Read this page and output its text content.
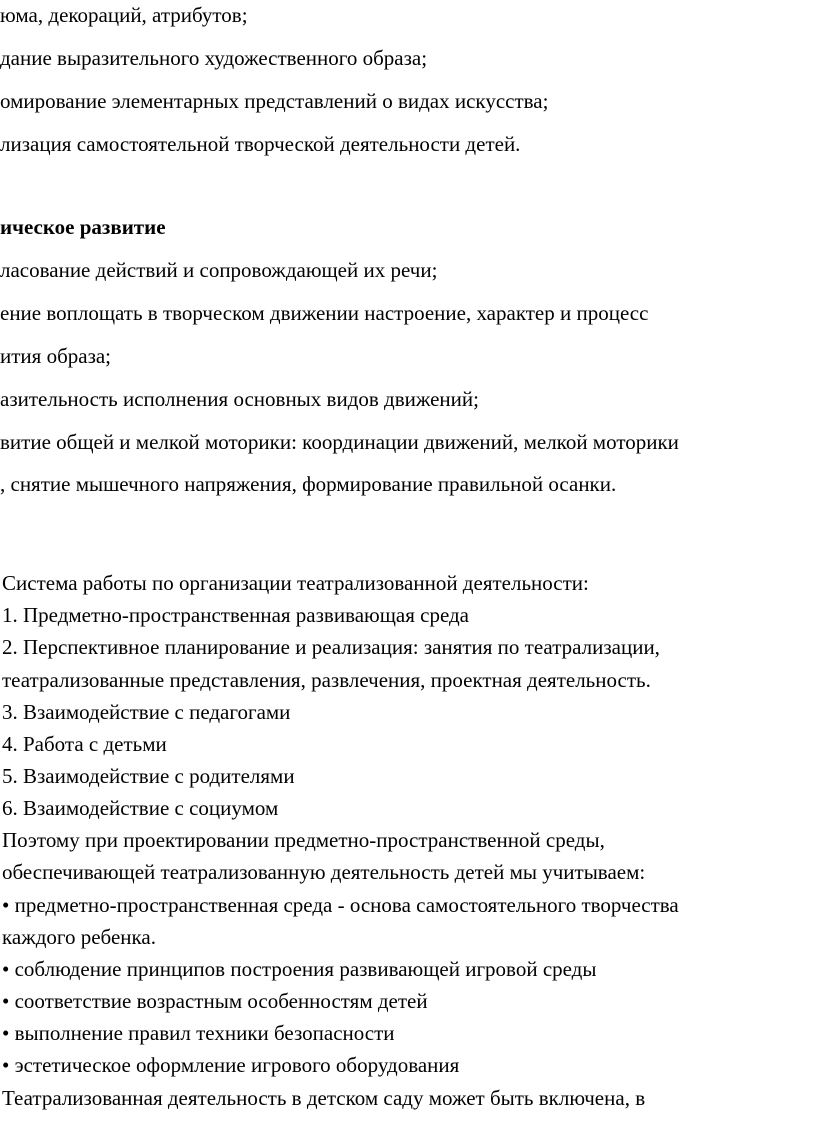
юма, декораций, атрибутов;
дание выразительного художественного образа;
омирование элементарных представлений о видах искусства;
лизация самостоятельной творческой деятельности детей.
ическое развитие
ласование действий и сопровождающей их речи;
ение воплощать в творческом движении настроение, характер и процесс
ития образа;
азительность исполнения основных видов движений;
витие общей и мелкой моторики: координации движений, мелкой моторики
, снятие мышечного напряжения, формирование правильной осанки.
Система работы по организации театрализованной деятельности:
1. Предметно-пространственная развивающая среда
2. Перспективное планирование и реализация: занятия по театрализации,
театрализованные представления, развлечения, проектная деятельность.
3. Взаимодействие с педагогами
4. Работа с детьми
5. Взаимодействие с родителями
6. Взаимодействие с социумом
Поэтому при проектировании предметно-пространственной среды,
обеспечивающей театрализованную деятельность детей мы учитываем:
• предметно-пространственная среда - основа самостоятельного творчества
каждого ребенка.
• соблюдение принципов построения развивающей игровой среды
• соответствие возрастным особенностям детей
• выполнение правил техники безопасности
• эстетическое оформление игрового оборудования
Театрализованная деятельность в детском саду может быть включена, в
